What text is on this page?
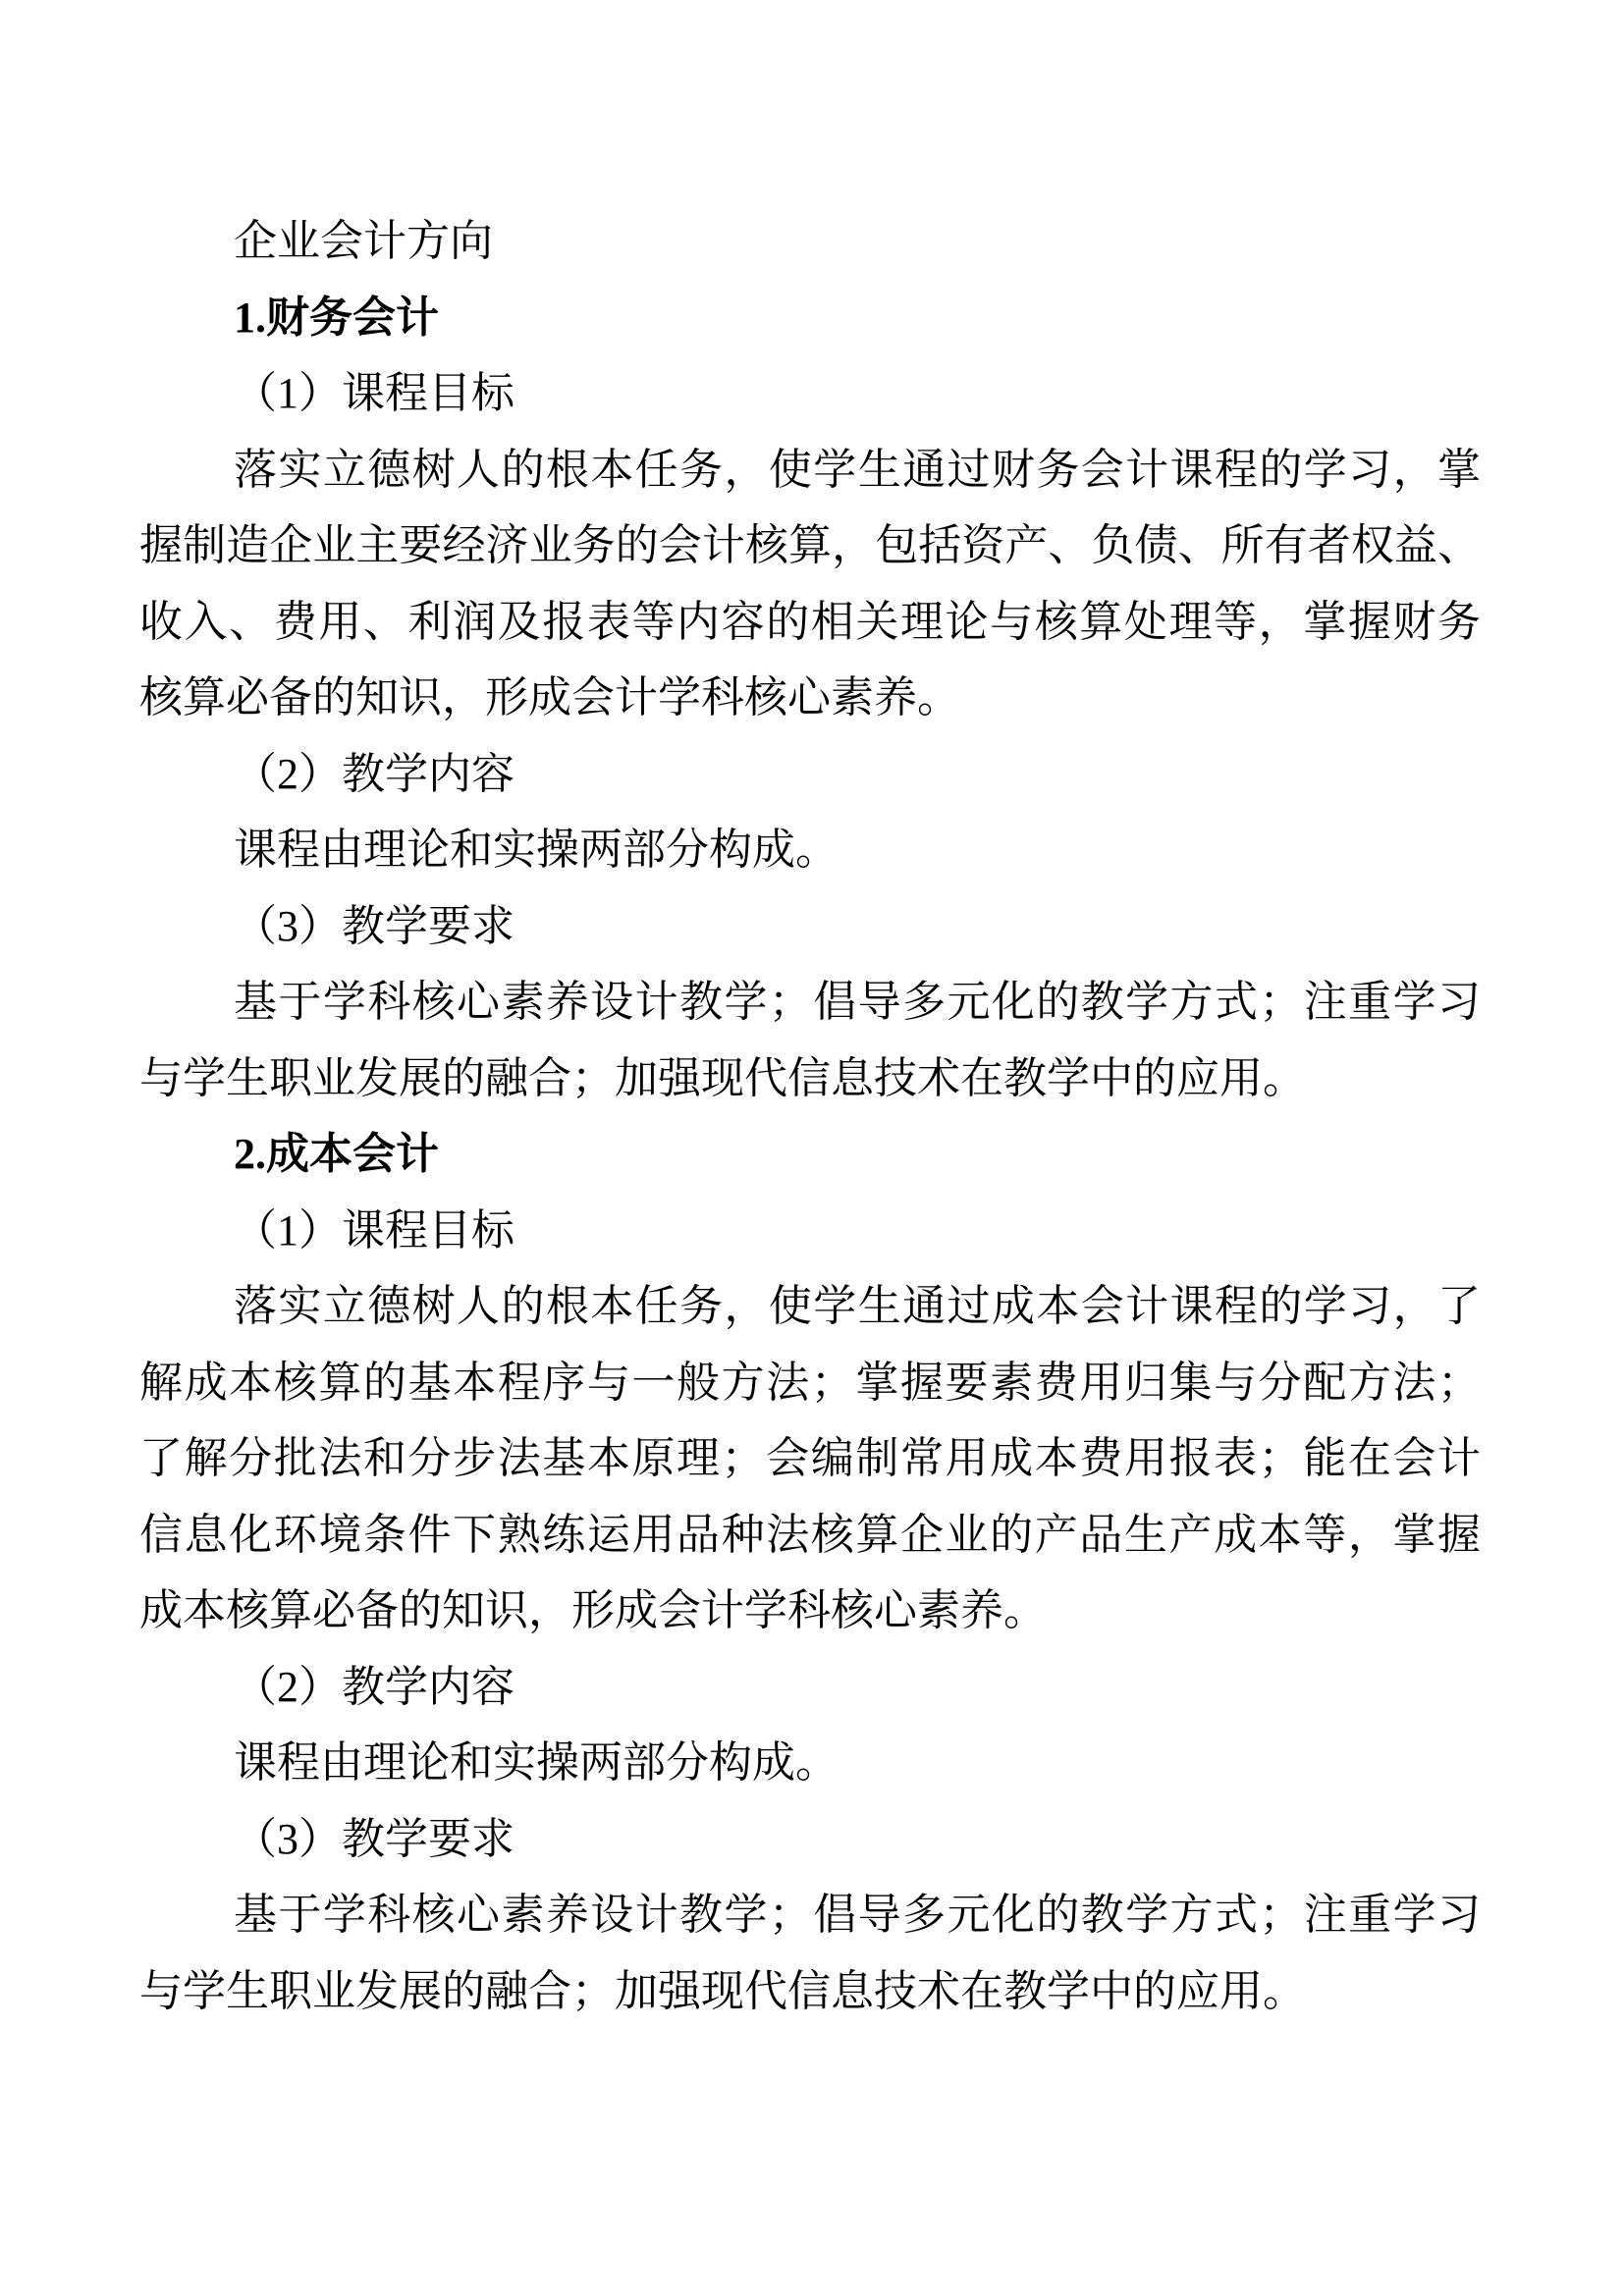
企业会计方向
1.财务会计
（1）课程目标
落实立德树人的根本任务，使学生通过财务会计课程的学习，掌
握制造企业主要经济业务的会计核算，包括资产、负债、所有者权益、
收入、费用、利润及报表等内容的相关理论与核算处理等，掌握财务
核算必备的知识，形成会计学科核心素养。
（2）教学内容
课程由理论和实操两部分构成。
（3）教学要求
基于学科核心素养设计教学；倡导多元化的教学方式；注重学习
与学生职业发展的融合；加强现代信息技术在教学中的应用。
2.成本会计
（1）课程目标
落实立德树人的根本任务，使学生通过成本会计课程的学习，了
解成本核算的基本程序与一般方法；掌握要素费用归集与分配方法；
了解分批法和分步法基本原理；会编制常用成本费用报表；能在会计
信息化环境条件下熟练运用品种法核算企业的产品生产成本等，掌握
成本核算必备的知识，形成会计学科核心素养。
（2）教学内容
课程由理论和实操两部分构成。
（3）教学要求
基于学科核心素养设计教学；倡导多元化的教学方式；注重学习
与学生职业发展的融合；加强现代信息技术在教学中的应用。
